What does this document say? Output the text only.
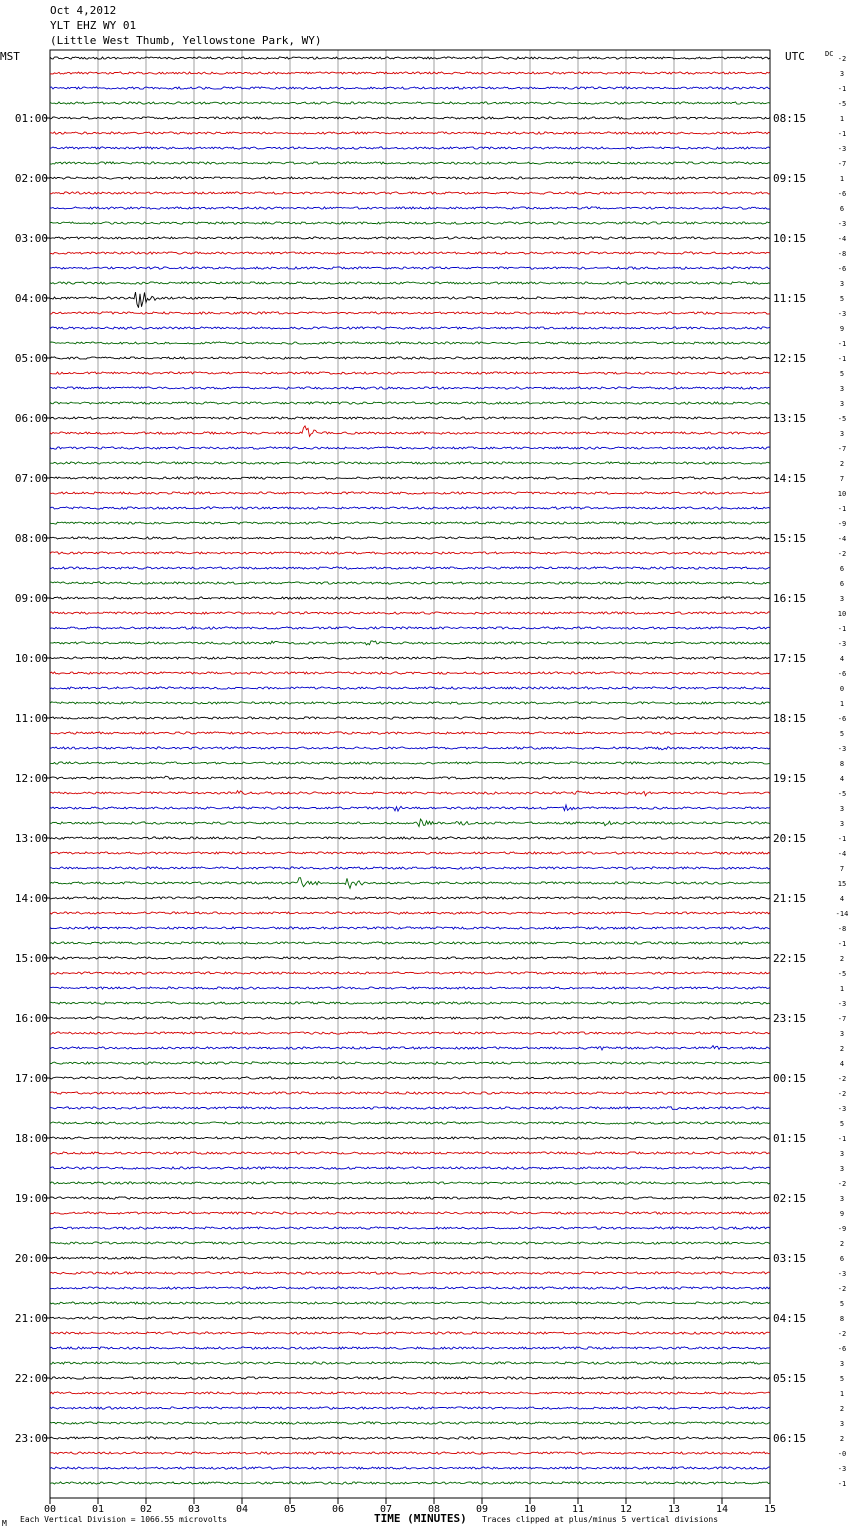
Oct 4,2012
YLT EHZ WY 01
(Little West Thumb, Yellowstone Park, WY)
MST	UTC	DC
-2
3
-1
-5
1
-1
-3
-7
1
-6
6
-3
-4
-8
-6
3
5
-3
9
-1
-1
5
3
3
-5
3
-7
2
7
10
-1
-9
-4
-2
6
6
3
10
-1
-3
4
-6
0
1
-6
5
-3
8
4
-5
3
3
-1
-4
7
15
4
-14
-8
-1
2
-5
1
-3
-7
3
2
4
-2
-2
-3
5
-1
3
3
-2
3
9
-9
2
6
-3
-2
5
8
-2
-6
3
5
1
2
3
2
-0
-3
-1
01:00
02:00
03:00
04:00
05:00
06:00
07:00
08:00
09:00
10:00
11:00
12:00
13:00
14:00
15:00
16:00
17:00
18:00
19:00
20:00
21:00
22:00
23:00
08:15
09:15
10:15
11:15
12:15
13:15
14:15
15:15
16:15
17:15
18:15
19:15
20:15
21:15
22:15
23:15
00:15
01:15
02:15
03:15
04:15
05:15
06:15
00	01	02	03	04	05	06	07	08	09	10	11	12	13	14	15
M Each Vertical Division = 1066.55 microvolts	TIME (MINUTES) Traces clipped at plus/minus 5 vertical divisions
